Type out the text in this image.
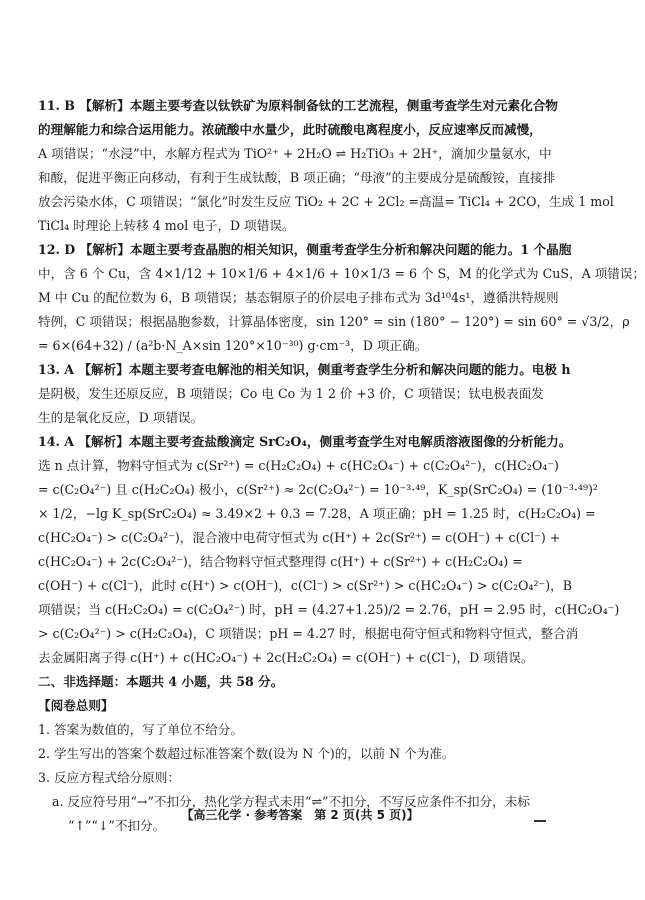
11. B 【解析】本题主要考查以钛铁矿为原料制备钛的工艺流程，侧重考查学生对元素化合物
的理解能力和综合运用能力。浓硫酸中水量少，此时硫酸电离程度小，反应速率反而减慢，
A 项错误；“水浸”中，水解方程式为 TiO²⁺ + 2H₂O ⇌ H₂TiO₃ + 2H⁺，滴加少量氨水，中
和酸，促进平衡正向移动，有利于生成钛酸，B 项正确；“母液”的主要成分是硫酸铵，直接排
放会污染水体，C 项错误；“氯化”时发生反应 TiO₂ + 2C + 2Cl₂ =高温= TiCl₄ + 2CO，生成 1 mol
TiCl₄ 时理论上转移 4 mol 电子，D 项错误。
12. D 【解析】本题主要考查晶胞的相关知识，侧重考查学生分析和解决问题的能力。1 个晶胞
中，含 6 个 Cu，含 4×1/12 + 10×1/6 + 4×1/6 + 10×1/3 = 6 个 S，M 的化学式为 CuS，A 项错误；
M 中 Cu 的配位数为 6，B 项错误；基态铜原子的价层电子排布式为 3d¹⁰4s¹，遵循洪特规则
特例，C 项错误；根据晶胞参数，计算晶体密度，sin 120° = sin (180° − 120°) = sin 60° = √3/2，ρ
= 6×(64+32) / (a²b·N_A×sin 120°×10⁻³⁰) g·cm⁻³，D 项正确。
13. A 【解析】本题主要考查电解池的相关知识，侧重考查学生分析和解决问题的能力。电极 h
是阴极，发生还原反应，B 项错误；Co 电 Co 为 1 2 价 +3 价，C 项错误；钛电极表面发
生的是氧化反应，D 项错误。
14. A 【解析】本题主要考查盐酸滴定 SrC₂O₄，侧重考查学生对电解质溶液图像的分析能力。
选 n 点计算，物料守恒式为 c(Sr²⁺) = c(H₂C₂O₄) + c(HC₂O₄⁻) + c(C₂O₄²⁻)，c(HC₂O₄⁻)
= c(C₂O₄²⁻) 且 c(H₂C₂O₄) 极小，c(Sr²⁺) ≈ 2c(C₂O₄²⁻) = 10⁻³·⁴⁹，K_sp(SrC₂O₄) = (10⁻³·⁴⁹)²
× 1/2，−lg K_sp(SrC₂O₄) ≈ 3.49×2 + 0.3 = 7.28，A 项正确；pH = 1.25 时，c(H₂C₂O₄) =
c(HC₂O₄⁻) > c(C₂O₄²⁻)，混合液中电荷守恒式为 c(H⁺) + 2c(Sr²⁺) = c(OH⁻) + c(Cl⁻) +
c(HC₂O₄⁻) + 2c(C₂O₄²⁻)，结合物料守恒式整理得 c(H⁺) + c(Sr²⁺) + c(H₂C₂O₄) =
c(OH⁻) + c(Cl⁻)，此时 c(H⁺) > c(OH⁻)，c(Cl⁻) > c(Sr²⁺) > c(HC₂O₄⁻) > c(C₂O₄²⁻)，B
项错误；当 c(H₂C₂O₄) = c(C₂O₄²⁻) 时，pH = (4.27+1.25)/2 = 2.76，pH = 2.95 时，c(HC₂O₄⁻)
> c(C₂O₄²⁻) > c(H₂C₂O₄)，C 项错误；pH = 4.27 时，根据电荷守恒式和物料守恒式，整合消
去金属阳离子得 c(H⁺) + c(HC₂O₄⁻) + 2c(H₂C₂O₄) = c(OH⁻) + c(Cl⁻)，D 项错误。
二、非选择题：本题共 4 小题，共 58 分。
【阅卷总则】
1. 答案为数值的，写了单位不给分。
2. 学生写出的答案个数超过标准答案个数(设为 N 个)的，以前 N 个为准。
3. 反应方程式给分原则：
a. 反应符号用“→”不扣分，热化学方程式未用“⇌”不扣分，不写反应条件不扣分，未标
“↑”“↓”不扣分。
【高三化学 · 参考答案　第 2 页(共 5 页)】
